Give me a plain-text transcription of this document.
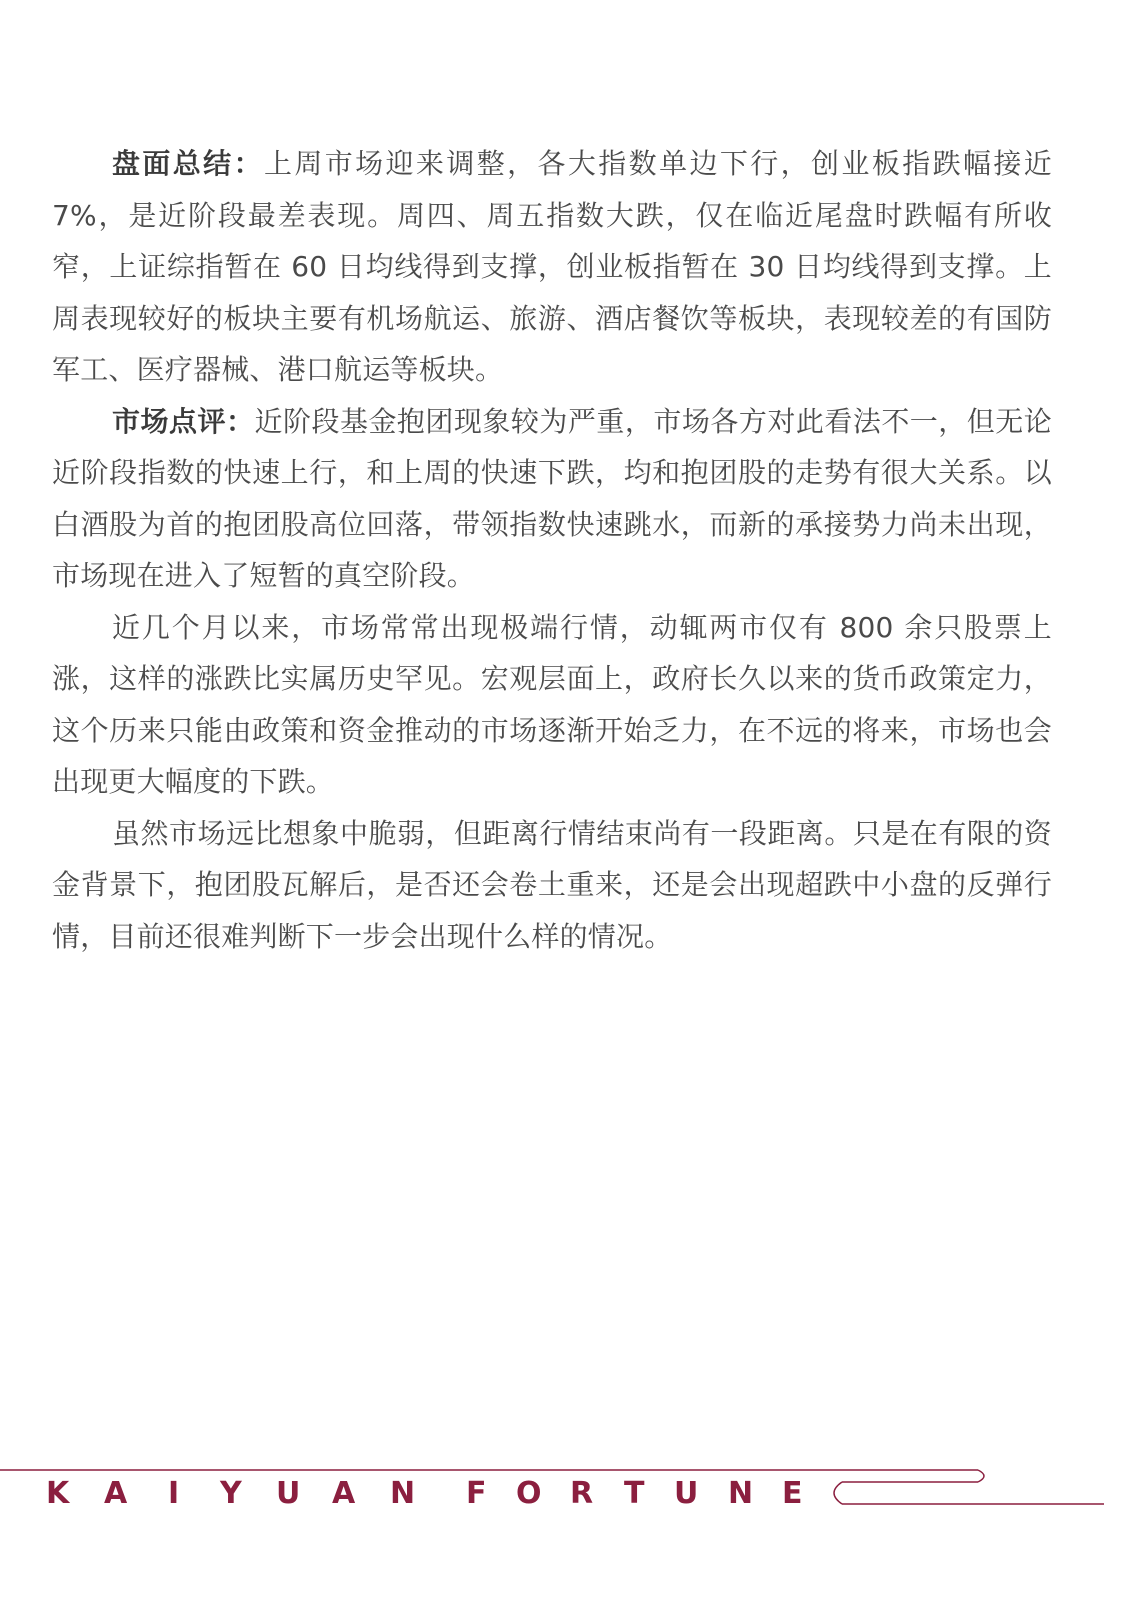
盘面总结：上周市场迎来调整，各大指数单边下行，创业板指跌幅接近7%，是近阶段最差表现。周四、周五指数大跌，仅在临近尾盘时跌幅有所收窄，上证综指暂在 60 日均线得到支撑，创业板指暂在 30 日均线得到支撑。上周表现较好的板块主要有机场航运、旅游、酒店餐饮等板块，表现较差的有国防军工、医疗器械、港口航运等板块。

市场点评：近阶段基金抱团现象较为严重，市场各方对此看法不一，但无论近阶段指数的快速上行，和上周的快速下跌，均和抱团股的走势有很大关系。以白酒股为首的抱团股高位回落，带领指数快速跳水，而新的承接势力尚未出现，市场现在进入了短暂的真空阶段。

近几个月以来，市场常常出现极端行情，动辄两市仅有 800 余只股票上涨，这样的涨跌比实属历史罕见。宏观层面上，政府长久以来的货币政策定力，这个历来只能由政策和资金推动的市场逐渐开始乏力，在不远的将来，市场也会出现更大幅度的下跌。

虽然市场远比想象中脆弱，但距离行情结束尚有一段距离。只是在有限的资金背景下，抱团股瓦解后，是否还会卷土重来，还是会出现超跌中小盘的反弹行情，目前还很难判断下一步会出现什么样的情况。

K A I Y U A N F O R T U N E
